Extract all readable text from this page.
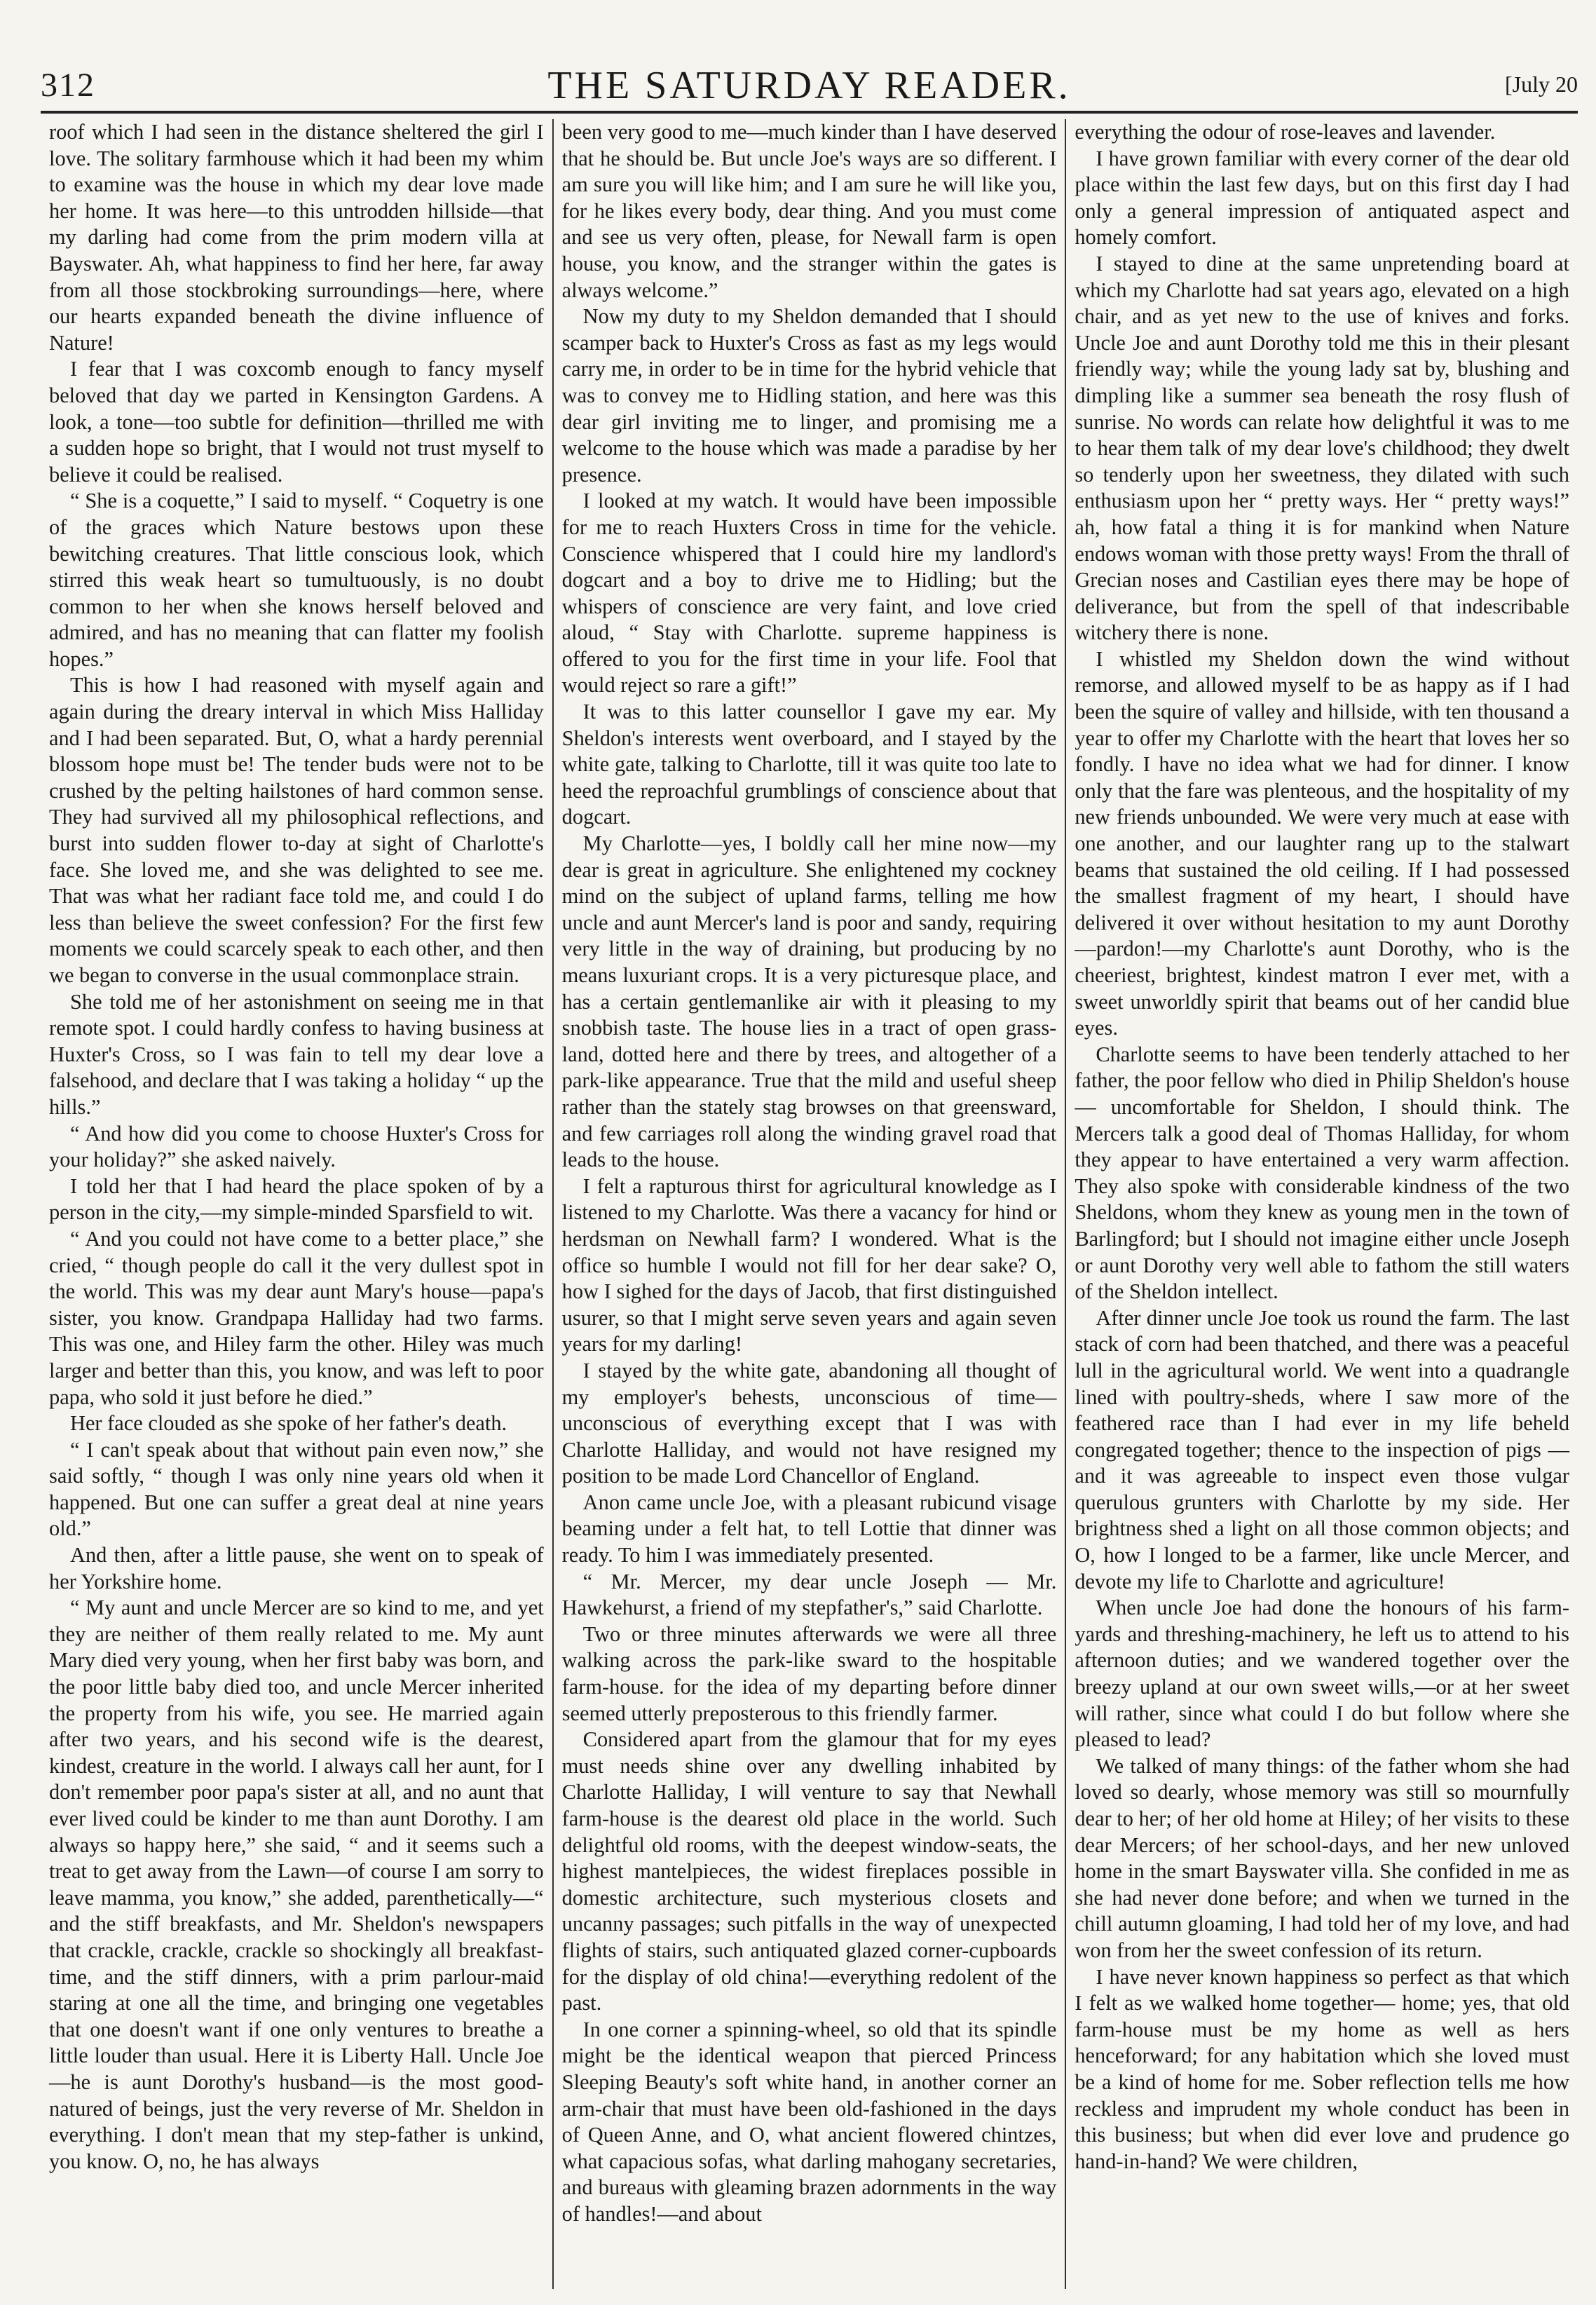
312	THE SATURDAY READER.	[July 20

roof which I had seen in the distance sheltered the girl I love. The solitary farmhouse which it had been my whim to examine was the house in which my dear love made her home. It was here—to this untrodden hillside—that my darling had come from the prim modern villa at Bayswater. Ah, what happiness to find her here, far away from all those stockbroking surroundings—here, where our hearts expanded beneath the divine influence of Nature!

I fear that I was coxcomb enough to fancy myself beloved that day we parted in Kensington Gardens. A look, a tone—too subtle for definition—thrilled me with a sudden hope so bright, that I would not trust myself to believe it could be realised.

“ She is a coquette,” I said to myself. “ Coquetry is one of the graces which Nature bestows upon these bewitching creatures. That little conscious look, which stirred this weak heart so tumultuously, is no doubt common to her when she knows herself beloved and admired, and has no meaning that can flatter my foolish hopes.”

This is how I had reasoned with myself again and again during the dreary interval in which Miss Halliday and I had been separated. But, O, what a hardy perennial blossom hope must be! The tender buds were not to be crushed by the pelting hailstones of hard common sense. They had survived all my philosophical reflections, and burst into sudden flower to-day at sight of Charlotte's face. She loved me, and she was delighted to see me. That was what her radiant face told me, and could I do less than believe the sweet confession? For the first few moments we could scarcely speak to each other, and then we began to converse in the usual commonplace strain.

She told me of her astonishment on seeing me in that remote spot. I could hardly confess to having business at Huxter's Cross, so I was fain to tell my dear love a falsehood, and declare that I was taking a holiday “ up the hills.”

“ And how did you come to choose Huxter's Cross for your holiday?” she asked naively.

I told her that I had heard the place spoken of by a person in the city,—my simple-minded Sparsfield to wit.

“ And you could not have come to a better place,” she cried, “ though people do call it the very dullest spot in the world. This was my dear aunt Mary's house—papa's sister, you know. Grandpapa Halliday had two farms. This was one, and Hiley farm the other. Hiley was much larger and better than this, you know, and was left to poor papa, who sold it just before he died.”

Her face clouded as she spoke of her father's death.

“ I can't speak about that without pain even now,” she said softly, “ though I was only nine years old when it happened. But one can suffer a great deal at nine years old.”

And then, after a little pause, she went on to speak of her Yorkshire home.

“ My aunt and uncle Mercer are so kind to me, and yet they are neither of them really related to me. My aunt Mary died very young, when her first baby was born, and the poor little baby died too, and uncle Mercer inherited the property from his wife, you see. He married again after two years, and his second wife is the dearest, kindest, creature in the world. I always call her aunt, for I don't remember poor papa's sister at all, and no aunt that ever lived could be kinder to me than aunt Dorothy. I am always so happy here,” she said, “ and it seems such a treat to get away from the Lawn—of course I am sorry to leave mamma, you know,” she added, parenthetically—“ and the stiff breakfasts, and Mr. Sheldon's newspapers that crackle, crackle, crackle so shockingly all breakfast-time, and the stiff dinners, with a prim parlour-maid staring at one all the time, and bringing one vegetables that one doesn't want if one only ventures to breathe a little louder than usual. Here it is Liberty Hall. Uncle Joe—he is aunt Dorothy's husband—is the most good-natured of beings, just the very reverse of Mr. Sheldon in everything. I don't mean that my step-father is unkind, you know. O, no, he has always

been very good to me—much kinder than I have deserved that he should be. But uncle Joe's ways are so different. I am sure you will like him; and I am sure he will like you, for he likes every body, dear thing. And you must come and see us very often, please, for Newall farm is open house, you know, and the stranger within the gates is always welcome.”

Now my duty to my Sheldon demanded that I should scamper back to Huxter's Cross as fast as my legs would carry me, in order to be in time for the hybrid vehicle that was to convey me to Hidling station, and here was this dear girl inviting me to linger, and promising me a welcome to the house which was made a paradise by her presence.

I looked at my watch. It would have been impossible for me to reach Huxters Cross in time for the vehicle. Conscience whispered that I could hire my landlord's dogcart and a boy to drive me to Hidling; but the whispers of conscience are very faint, and love cried aloud, “ Stay with Charlotte. supreme happiness is offered to you for the first time in your life. Fool that would reject so rare a gift!”

It was to this latter counsellor I gave my ear. My Sheldon's interests went overboard, and I stayed by the white gate, talking to Charlotte, till it was quite too late to heed the reproachful grumblings of conscience about that dogcart.

My Charlotte—yes, I boldly call her mine now—my dear is great in agriculture. She enlightened my cockney mind on the subject of upland farms, telling me how uncle and aunt Mercer's land is poor and sandy, requiring very little in the way of draining, but producing by no means luxuriant crops. It is a very picturesque place, and has a certain gentlemanlike air with it pleasing to my snobbish taste. The house lies in a tract of open grass-land, dotted here and there by trees, and altogether of a park-like appearance. True that the mild and useful sheep rather than the stately stag browses on that greensward, and few carriages roll along the winding gravel road that leads to the house.

I felt a rapturous thirst for agricultural knowledge as I listened to my Charlotte. Was there a vacancy for hind or herdsman on Newhall farm? I wondered. What is the office so humble I would not fill for her dear sake? O, how I sighed for the days of Jacob, that first distinguished usurer, so that I might serve seven years and again seven years for my darling!

I stayed by the white gate, abandoning all thought of my employer's behests, unconscious of time—unconscious of everything except that I was with Charlotte Halliday, and would not have resigned my position to be made Lord Chancellor of England.

Anon came uncle Joe, with a pleasant rubicund visage beaming under a felt hat, to tell Lottie that dinner was ready. To him I was immediately presented.

“ Mr. Mercer, my dear uncle Joseph — Mr. Hawkehurst, a friend of my stepfather's,” said Charlotte.

Two or three minutes afterwards we were all three walking across the park-like sward to the hospitable farm-house. for the idea of my departing before dinner seemed utterly preposterous to this friendly farmer.

Considered apart from the glamour that for my eyes must needs shine over any dwelling inhabited by Charlotte Halliday, I will venture to say that Newhall farm-house is the dearest old place in the world. Such delightful old rooms, with the deepest window-seats, the highest mantelpieces, the widest fireplaces possible in domestic architecture, such mysterious closets and uncanny passages; such pitfalls in the way of unexpected flights of stairs, such antiquated glazed corner-cupboards for the display of old china!—everything redolent of the past.

In one corner a spinning-wheel, so old that its spindle might be the identical weapon that pierced Princess Sleeping Beauty's soft white hand, in another corner an arm-chair that must have been old-fashioned in the days of Queen Anne, and O, what ancient flowered chintzes, what capacious sofas, what darling mahogany secretaries, and bureaus with gleaming brazen adornments in the way of handles!—and about

everything the odour of rose-leaves and lavender.

I have grown familiar with every corner of the dear old place within the last few days, but on this first day I had only a general impression of antiquated aspect and homely comfort.

I stayed to dine at the same unpretending board at which my Charlotte had sat years ago, elevated on a high chair, and as yet new to the use of knives and forks. Uncle Joe and aunt Dorothy told me this in their plesant friendly way; while the young lady sat by, blushing and dimpling like a summer sea beneath the rosy flush of sunrise. No words can relate how delightful it was to me to hear them talk of my dear love's childhood; they dwelt so tenderly upon her sweetness, they dilated with such enthusiasm upon her “ pretty ways. Her “ pretty ways!” ah, how fatal a thing it is for mankind when Nature endows woman with those pretty ways! From the thrall of Grecian noses and Castilian eyes there may be hope of deliverance, but from the spell of that indescribable witchery there is none.

I whistled my Sheldon down the wind without remorse, and allowed myself to be as happy as if I had been the squire of valley and hillside, with ten thousand a year to offer my Charlotte with the heart that loves her so fondly. I have no idea what we had for dinner. I know only that the fare was plenteous, and the hospitality of my new friends unbounded. We were very much at ease with one another, and our laughter rang up to the stalwart beams that sustained the old ceiling. If I had possessed the smallest fragment of my heart, I should have delivered it over without hesitation to my aunt Dorothy —pardon!—my Charlotte's aunt Dorothy, who is the cheeriest, brightest, kindest matron I ever met, with a sweet unworldly spirit that beams out of her candid blue eyes.

Charlotte seems to have been tenderly attached to her father, the poor fellow who died in Philip Sheldon's house— uncomfortable for Sheldon, I should think. The Mercers talk a good deal of Thomas Halliday, for whom they appear to have entertained a very warm affection. They also spoke with considerable kindness of the two Sheldons, whom they knew as young men in the town of Barlingford; but I should not imagine either uncle Joseph or aunt Dorothy very well able to fathom the still waters of the Sheldon intellect.

After dinner uncle Joe took us round the farm. The last stack of corn had been thatched, and there was a peaceful lull in the agricultural world. We went into a quadrangle lined with poultry-sheds, where I saw more of the feathered race than I had ever in my life beheld congregated together; thence to the inspection of pigs —and it was agreeable to inspect even those vulgar querulous grunters with Charlotte by my side. Her brightness shed a light on all those common objects; and O, how I longed to be a farmer, like uncle Mercer, and devote my life to Charlotte and agriculture!

When uncle Joe had done the honours of his farm-yards and threshing-machinery, he left us to attend to his afternoon duties; and we wandered together over the breezy upland at our own sweet wills,—or at her sweet will rather, since what could I do but follow where she pleased to lead?

We talked of many things: of the father whom she had loved so dearly, whose memory was still so mournfully dear to her; of her old home at Hiley; of her visits to these dear Mercers; of her school-days, and her new unloved home in the smart Bayswater villa. She confided in me as she had never done before; and when we turned in the chill autumn gloaming, I had told her of my love, and had won from her the sweet confession of its return.

I have never known happiness so perfect as that which I felt as we walked home together— home; yes, that old farm-house must be my home as well as hers henceforward; for any habitation which she loved must be a kind of home for me. Sober reflection tells me how reckless and imprudent my whole conduct has been in this business; but when did ever love and prudence go hand-in-hand? We were children,
